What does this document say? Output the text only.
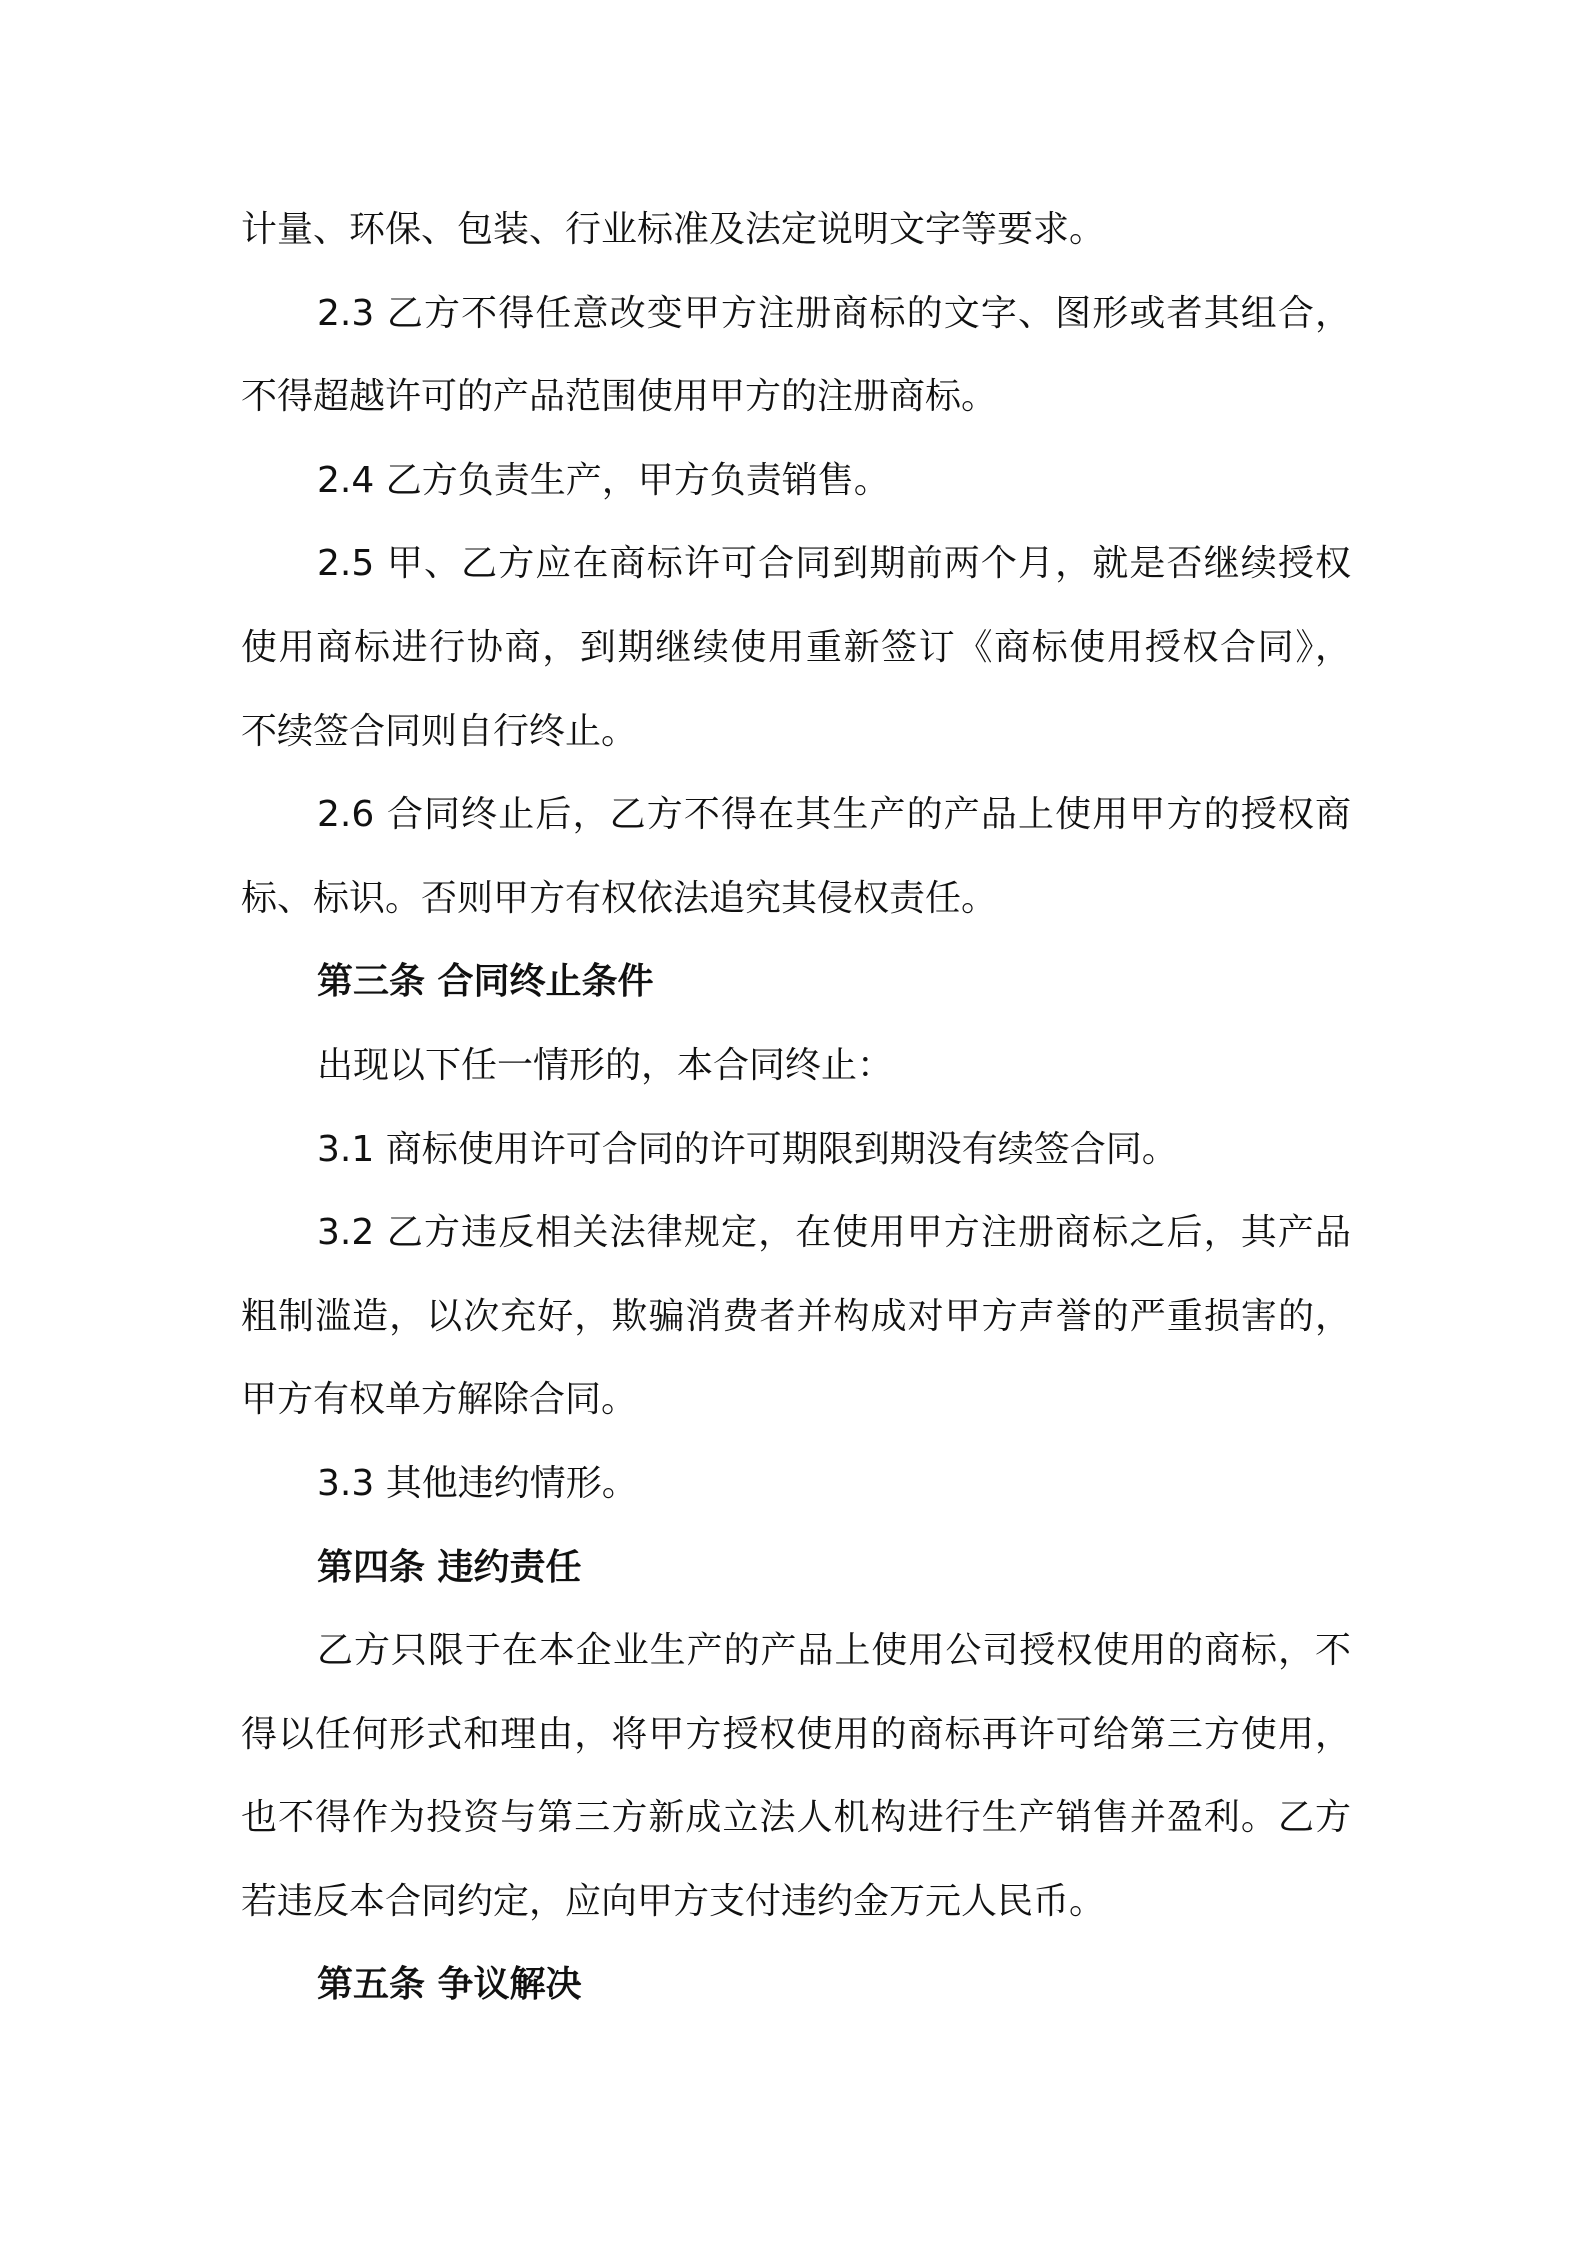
计量、环保、包装、行业标准及法定说明文字等要求。
2.3 乙方不得任意改变甲方注册商标的文字、图形或者其组合，
不得超越许可的产品范围使用甲方的注册商标。
2.4 乙方负责生产，甲方负责销售。
2.5 甲、乙方应在商标许可合同到期前两个月，就是否继续授权
使用商标进行协商，到期继续使用重新签订《商标使用授权合同》，
不续签合同则自行终止。
2.6 合同终止后，乙方不得在其生产的产品上使用甲方的授权商
标、标识。否则甲方有权依法追究其侵权责任。
第三条 合同终止条件
出现以下任一情形的，本合同终止：
3.1 商标使用许可合同的许可期限到期没有续签合同。
3.2 乙方违反相关法律规定，在使用甲方注册商标之后，其产品
粗制滥造，以次充好，欺骗消费者并构成对甲方声誉的严重损害的，
甲方有权单方解除合同。
3.3 其他违约情形。
第四条 违约责任
乙方只限于在本企业生产的产品上使用公司授权使用的商标，不
得以任何形式和理由，将甲方授权使用的商标再许可给第三方使用，
也不得作为投资与第三方新成立法人机构进行生产销售并盈利。乙方
若违反本合同约定，应向甲方支付违约金万元人民币。
第五条 争议解决
